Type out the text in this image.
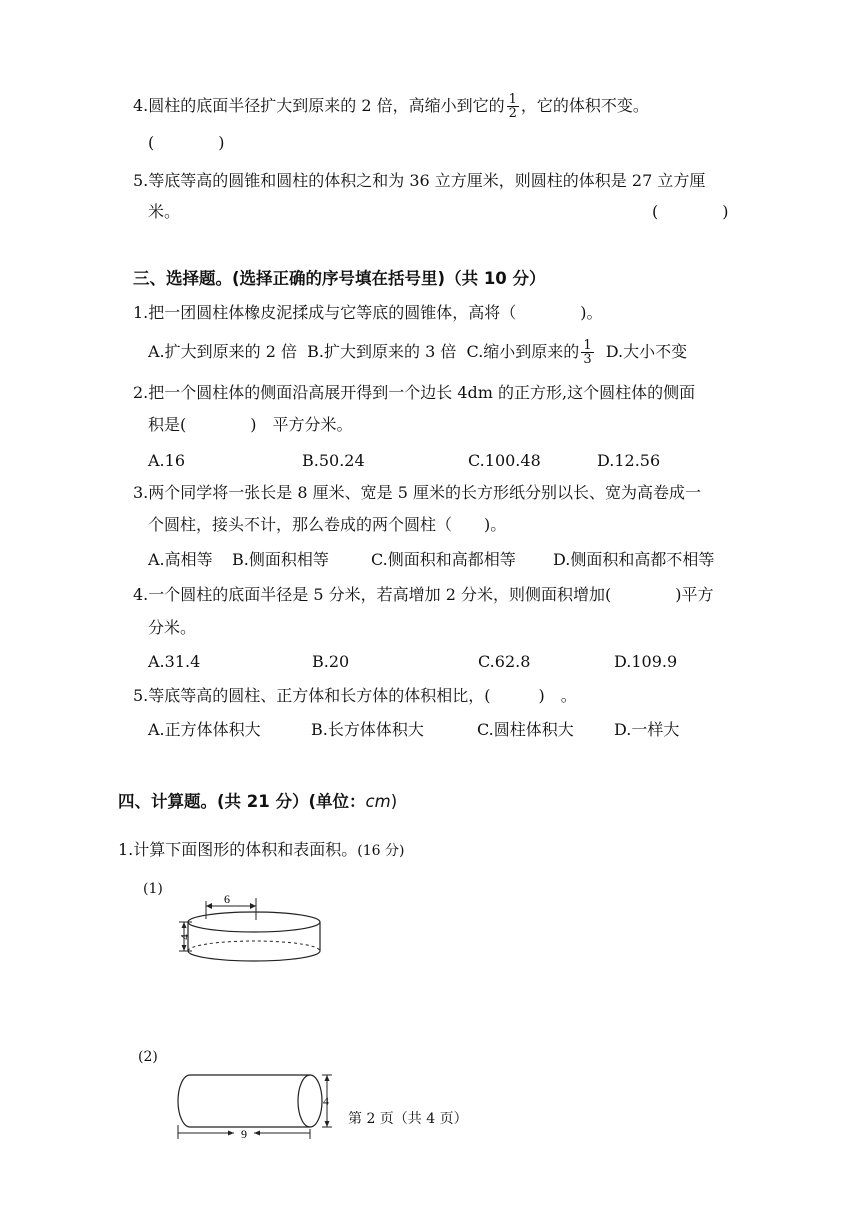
4.圆柱的底面半径扩大到原来的 2 倍，高缩小到它的 $\frac{1}{2}$ ，它的体积不变。
(　　　　)
5.等底等高的圆锥和圆柱的体积之和为 36 立方厘米，则圆柱的体积是 27 立方厘
米。	(　　　　)
三、选择题。(选择正确的序号填在括号里)（共 10 分）
1.把一团圆柱体橡皮泥揉成与它等底的圆锥体，高将（　　　　)。
A.扩大到原来的 2 倍 B.扩大到原来的 3 倍 C.缩小到原来的 $\frac{1}{3} D$.大小不变
2.把一个圆柱体的侧面沿高展开得到一个边长 4dm 的正方形,这个圆柱体的侧面
积是(　　　　)　平方分米。
A.16	B.50.24	C.100.48	D.12.56
3.两个同学将一张长是 8 厘米、宽是 5 厘米的长方形纸分别以长、宽为高卷成一
个圆柱，接头不计，那么卷成的两个圆柱（　　)。
A.高相等 B.侧面积相等	C.侧面积和高都相等 D.侧面积和高都不相等
4.一个圆柱的底面半径是 5 分米，若高增加 2 分米，则侧面积增加(　　　　)平方
分米。
A.31.4	B.20	C.62.8	D.109.9
5.等底等高的圆柱、正方体和长方体的体积相比，(　　　)　。
A.正方体体积大	B.长方体体积大	C.圆柱体积大	D.一样大
四、计算题。(共 21 分）(单位：cm)
1.计算下面图形的体积和表面积。(16 分)
(1)
6
4
(2)
4
9
第 2 页（共 4 页）
